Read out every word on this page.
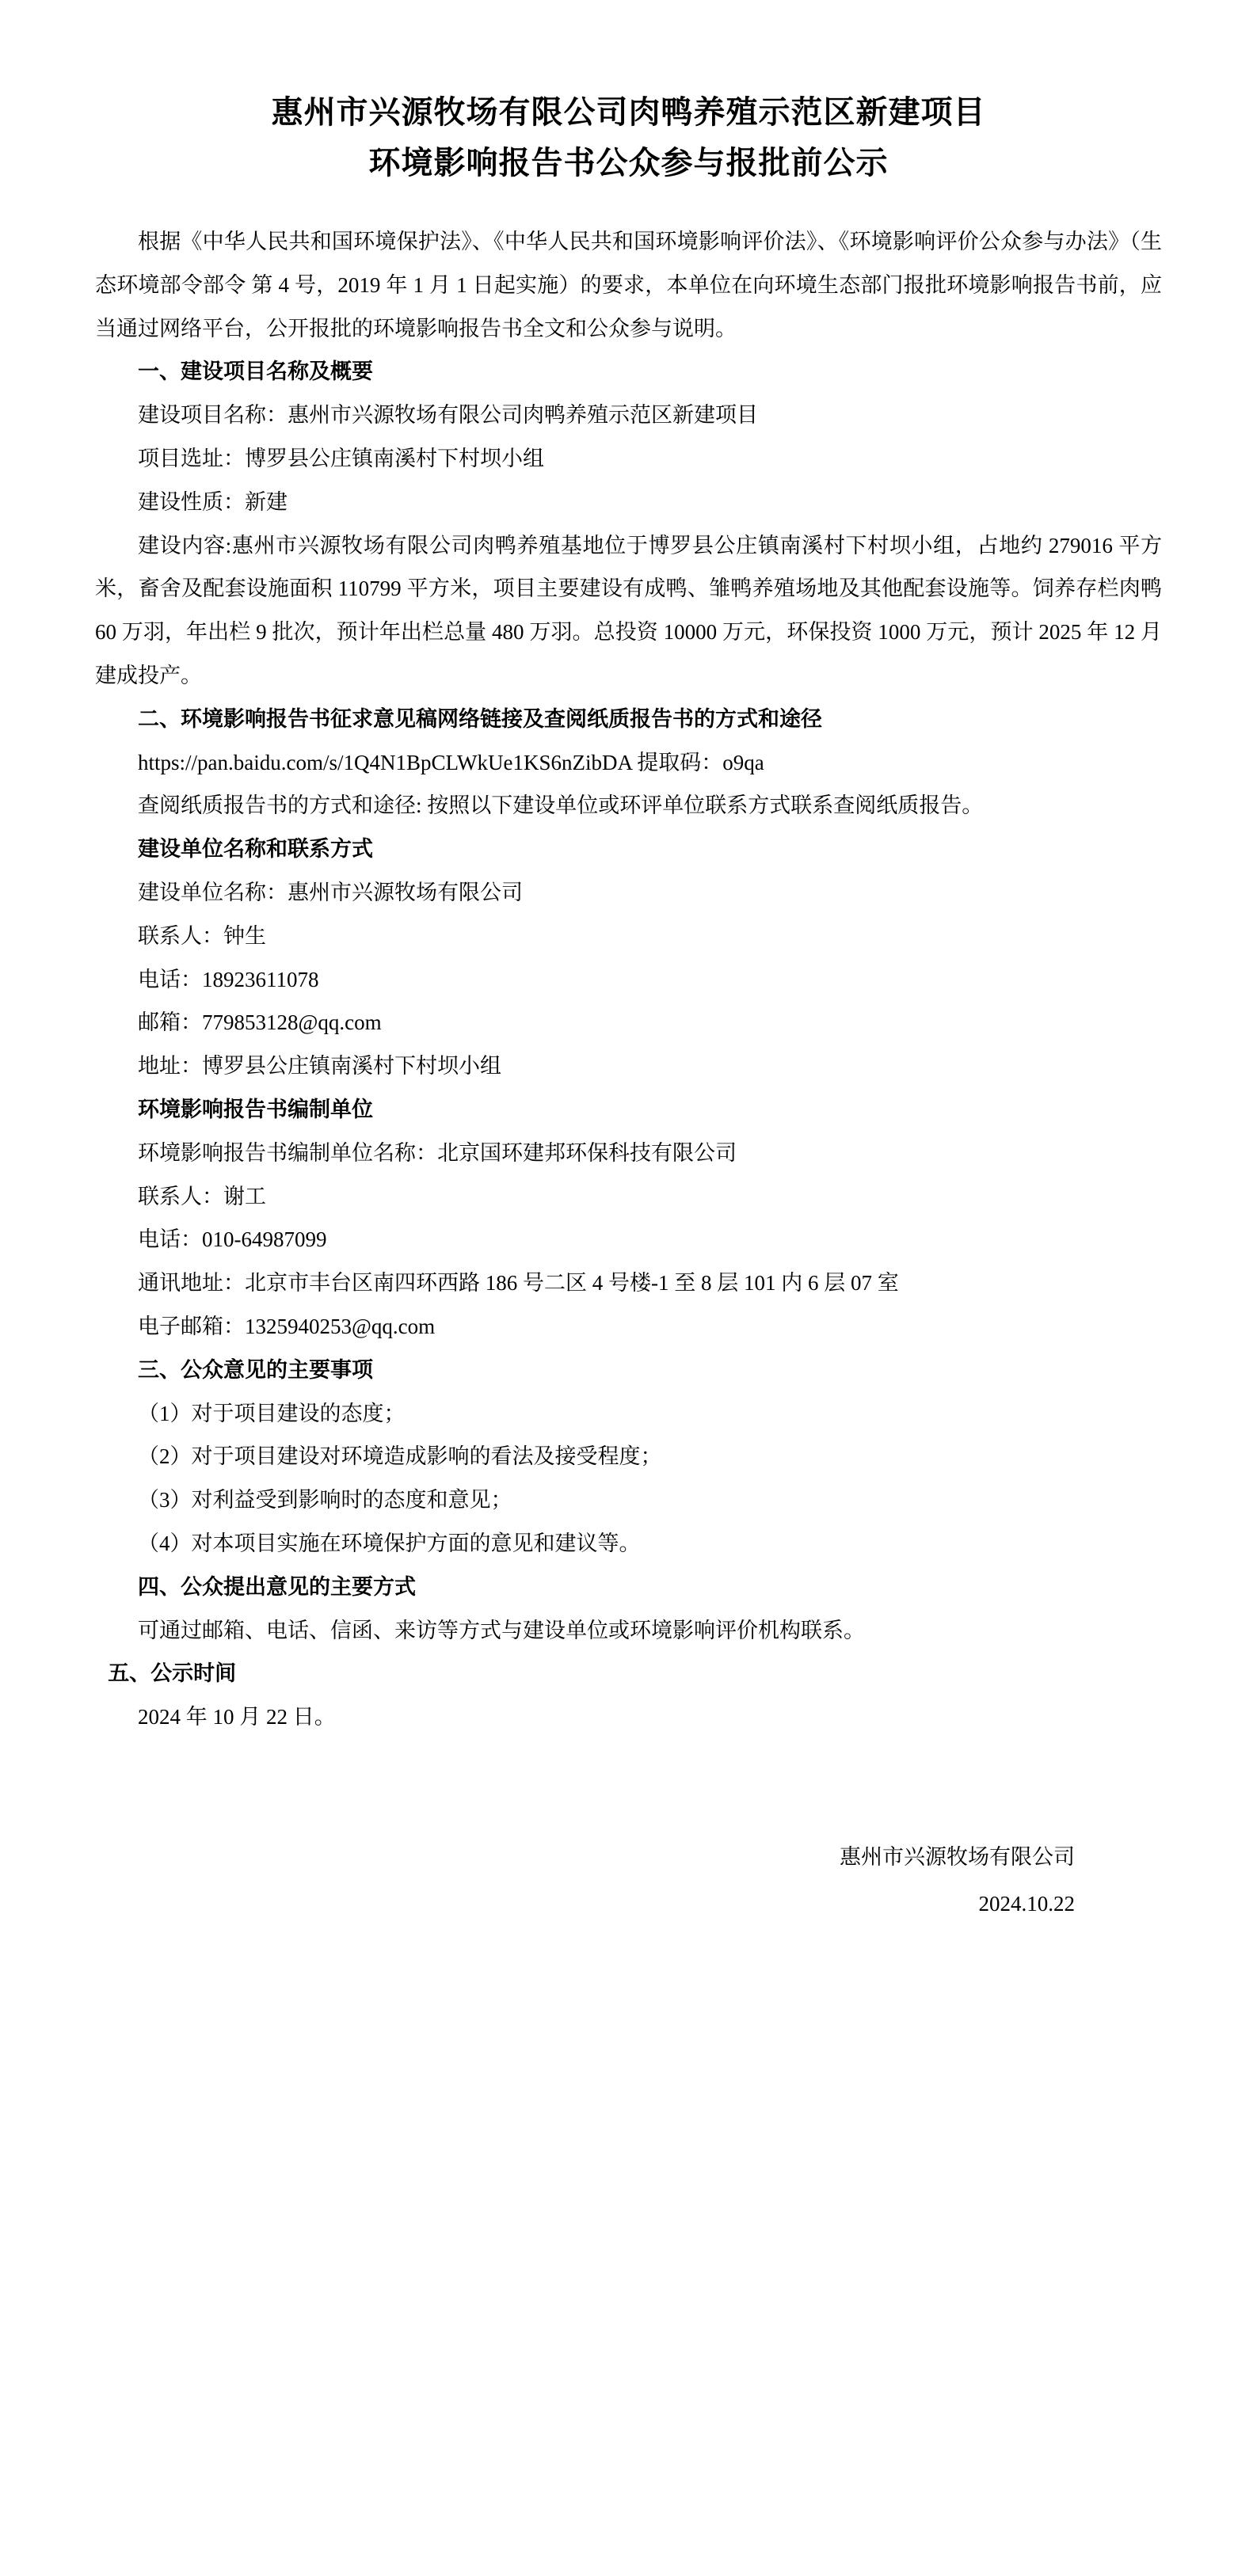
惠州市兴源牧场有限公司肉鸭养殖示范区新建项目
环境影响报告书公众参与报批前公示

根据《中华人民共和国环境保护法》、《中华人民共和国环境影响评价法》、《环境影响评价公众参与办法》（生态环境部令部令 第 4 号，2019 年 1 月 1 日起实施）的要求，本单位在向环境生态部门报批环境影响报告书前，应当通过网络平台，公开报批的环境影响报告书全文和公众参与说明。

一、建设项目名称及概要

建设项目名称：惠州市兴源牧场有限公司肉鸭养殖示范区新建项目

项目选址：博罗县公庄镇南溪村下村坝小组

建设性质：新建

建设内容:惠州市兴源牧场有限公司肉鸭养殖基地位于博罗县公庄镇南溪村下村坝小组，占地约 279016 平方米，畜舍及配套设施面积 110799 平方米，项目主要建设有成鸭、雏鸭养殖场地及其他配套设施等。饲养存栏肉鸭 60 万羽，年出栏 9 批次，预计年出栏总量 480 万羽。总投资 10000 万元，环保投资 1000 万元，预计 2025 年 12 月建成投产。

二、环境影响报告书征求意见稿网络链接及查阅纸质报告书的方式和途径

https://pan.baidu.com/s/1Q4N1BpCLWkUe1KS6nZibDA 提取码：o9qa

查阅纸质报告书的方式和途径: 按照以下建设单位或环评单位联系方式联系查阅纸质报告。

建设单位名称和联系方式

建设单位名称：惠州市兴源牧场有限公司

联系人：钟生

电话：18923611078

邮箱：779853128@qq.com

地址：博罗县公庄镇南溪村下村坝小组

环境影响报告书编制单位

环境影响报告书编制单位名称：北京国环建邦环保科技有限公司

联系人：谢工

电话：010-64987099

通讯地址：北京市丰台区南四环西路 186 号二区 4 号楼-1 至 8 层 101 内 6 层 07 室

电子邮箱：1325940253@qq.com

三、公众意见的主要事项

（1）对于项目建设的态度；

（2）对于项目建设对环境造成影响的看法及接受程度；

（3）对利益受到影响时的态度和意见；

（4）对本项目实施在环境保护方面的意见和建议等。

四、公众提出意见的主要方式

可通过邮箱、电话、信函、来访等方式与建设单位或环境影响评价机构联系。

五、公示时间

2024 年 10 月 22 日。

惠州市兴源牧场有限公司
2024.10.22
